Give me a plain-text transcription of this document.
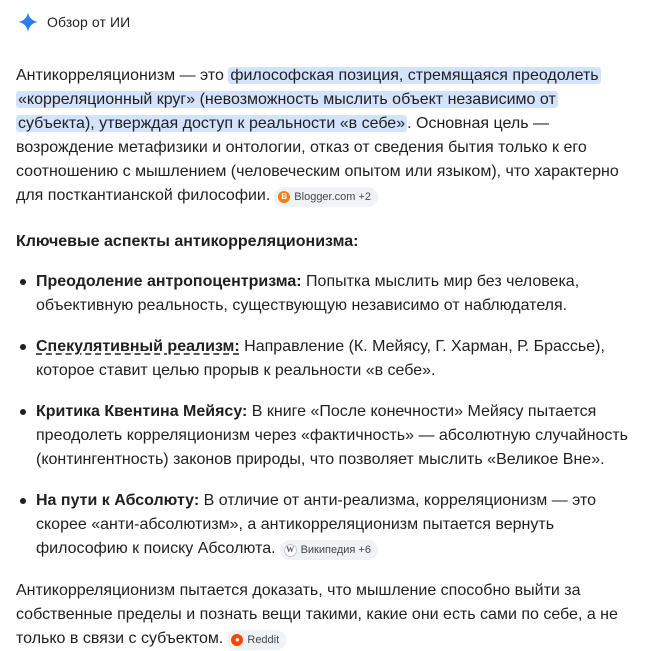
Обзор от ИИ

Антикорреляционизм — это философская позиция, стремящаяся преодолеть «корреляционный круг» (невозможность мыслить объект независимо от субъекта), утверждая доступ к реальности «в себе» . Основная цель — возрождение метафизики и онтологии, отказ от сведения бытия только к его соотношению с мышлением (человеческим опытом или языком), что характерно для посткантианской философии.	B Blogger.com +2

Ключевые аспекты антикорреляционизма:
Преодоление антропоцентризма: Попытка мыслить мир без человека, объективную реальность, существующую независимо от наблюдателя.
Спекулятивный реализм: Направление (К. Мейясу, Г. Харман, Р. Брассье), которое ставит целью прорыв к реальности «в себе».
Критика Квентина Мейясу: В книге «После конечности» Мейясу пытается преодолеть корреляционизм через «фактичность» — абсолютную случайность (контингентность) законов природы, что позволяет мыслить «Великое Вне».
На пути к Абсолюту: В отличие от анти-реализма, корреляционизм — это скорее «анти-абсолютизм», а антикорреляционизм пытается вернуть философию к поиску Абсолюта.	W Википедия +6

Антикорреляционизм пытается доказать, что мышление способно выйти за собственные пределы и познать вещи такими, какие они есть сами по себе, а не только в связи с субъектом.	● Reddit
